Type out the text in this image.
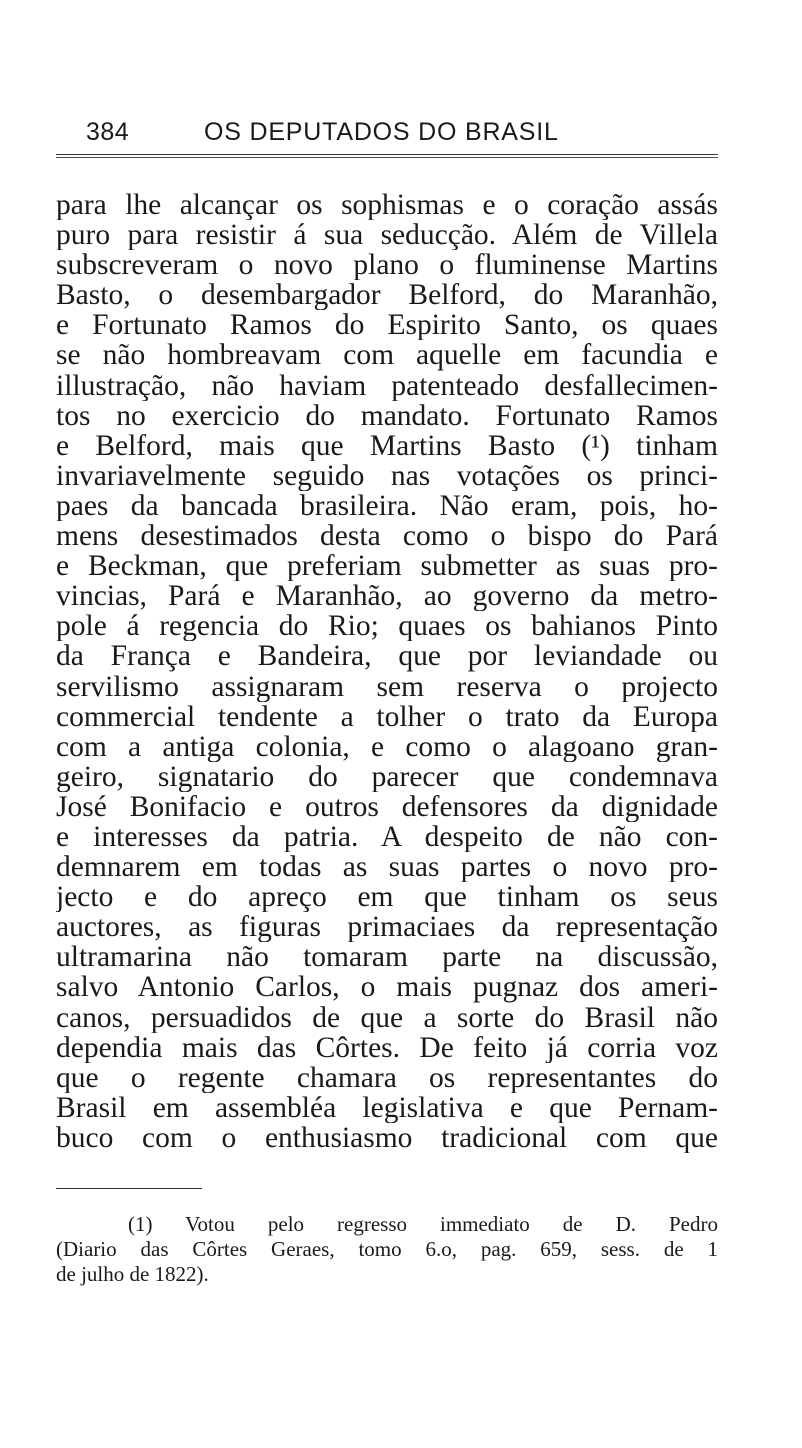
384	OS DEPUTADOS DO BRASIL
para lhe alcançar os sophismas e o coração assás
puro para resistir á sua seducção. Além de Villela
subscreveram o novo plano o fluminense Martins
Basto, o desembargador Belford, do Maranhão,
e Fortunato Ramos do Espirito Santo, os quaes
se não hombreavam com aquelle em facundia e
illustração, não haviam patenteado desfallecimen-
tos no exercicio do mandato. Fortunato Ramos
e Belford, mais que Martins Basto (¹) tinham
invariavelmente seguido nas votações os princi-
paes da bancada brasileira. Não eram, pois, ho-
mens desestimados desta como o bispo do Pará
e Beckman, que preferiam submetter as suas pro-
vincias, Pará e Maranhão, ao governo da metro-
pole á regencia do Rio; quaes os bahianos Pinto
da França e Bandeira, que por leviandade ou
servilismo assignaram sem reserva o projecto
commercial tendente a tolher o trato da Europa
com a antiga colonia, e como o alagoano gran-
geiro, signatario do parecer que condemnava
José Bonifacio e outros defensores da dignidade
e interesses da patria. A despeito de não con-
demnarem em todas as suas partes o novo pro-
jecto e do apreço em que tinham os seus
auctores, as figuras primaciaes da representação
ultramarina não tomaram parte na discussão,
salvo Antonio Carlos, o mais pugnaz dos ameri-
canos, persuadidos de que a sorte do Brasil não
dependia mais das Côrtes. De feito já corria voz
que o regente chamara os representantes do
Brasil em assembléa legislativa e que Pernam-
buco com o enthusiasmo tradicional com que
(1) Votou pelo regresso immediato de D. Pedro
(Diario das Côrtes Geraes, tomo 6.o, pag. 659, sess. de 1
de julho de 1822).
